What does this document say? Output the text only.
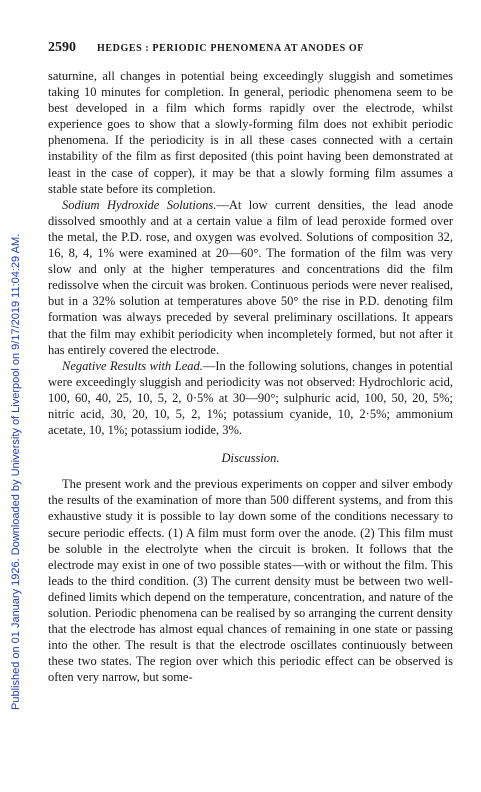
Published on 01 January 1926. Downloaded by University of Liverpool on 9/17/2019 11:04:29 AM.
2590 HEDGES : PERIODIC PHENOMENA AT ANODES OF

saturnine, all changes in potential being exceedingly sluggish and sometimes taking 10 minutes for completion. In general, periodic phenomena seem to be best developed in a film which forms rapidly over the electrode, whilst experience goes to show that a slowly-forming film does not exhibit periodic phenomena. If the periodicity is in all these cases connected with a certain instability of the film as first deposited (this point having been demonstrated at least in the case of copper), it may be that a slowly forming film assumes a stable state before its completion.

Sodium Hydroxide Solutions.—At low current densities, the lead anode dissolved smoothly and at a certain value a film of lead peroxide formed over the metal, the P.D. rose, and oxygen was evolved. Solutions of composition 32, 16, 8, 4, 1% were examined at 20—60°. The formation of the film was very slow and only at the higher temperatures and concentrations did the film redissolve when the circuit was broken. Continuous periods were never realised, but in a 32% solution at temperatures above 50° the rise in P.D. denoting film formation was always preceded by several preliminary oscillations. It appears that the film may exhibit periodicity when incompletely formed, but not after it has entirely covered the electrode.

Negative Results with Lead.—In the following solutions, changes in potential were exceedingly sluggish and periodicity was not observed: Hydrochloric acid, 100, 60, 40, 25, 10, 5, 2, 0·5% at 30—90°; sulphuric acid, 100, 50, 20, 5%; nitric acid, 30, 20, 10, 5, 2, 1%; potassium cyanide, 10, 2·5%; ammonium acetate, 10, 1%; potassium iodide, 3%.

Discussion.

The present work and the previous experiments on copper and silver embody the results of the examination of more than 500 different systems, and from this exhaustive study it is possible to lay down some of the conditions necessary to secure periodic effects. (1) A film must form over the anode. (2) This film must be soluble in the electrolyte when the circuit is broken. It follows that the electrode may exist in one of two possible states—with or without the film. This leads to the third condition. (3) The current density must be between two well-defined limits which depend on the temperature, concentration, and nature of the solution. Periodic phenomena can be realised by so arranging the current density that the electrode has almost equal chances of remaining in one state or passing into the other. The result is that the electrode oscillates continuously between these two states. The region over which this periodic effect can be observed is often very narrow, but some-
